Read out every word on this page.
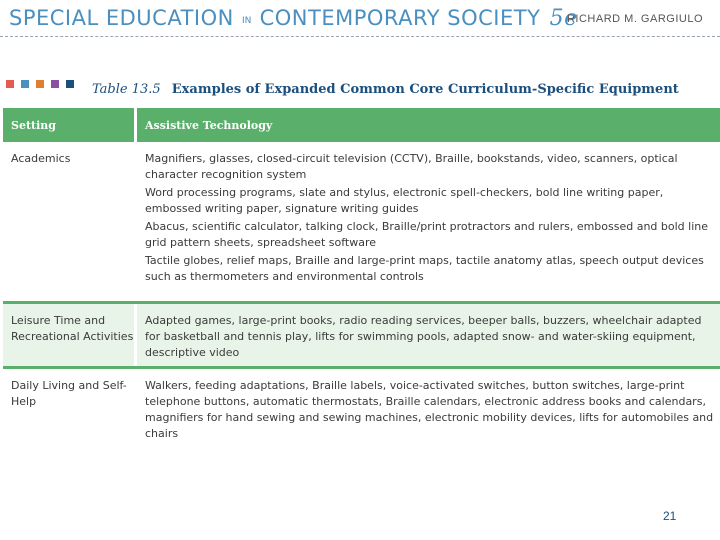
SPECIAL EDUCATION IN CONTEMPORARY SOCIETY 5e
RICHARD M. GARGIULO
Table 13.5 Examples of Expanded Common Core Curriculum-Specific Equipment
Setting	Assistive Technology
Academics	Magnifiers, glasses, closed-circuit television (CCTV), Braille, bookstands, video, scanners, optical character recognition system

Word processing programs, slate and stylus, electronic spell-checkers, bold line writing paper, embossed writing paper, signature writing guides

Abacus, scientific calculator, talking clock, Braille/print protractors and rulers, embossed and bold line grid pattern sheets, spreadsheet software

Tactile globes, relief maps, Braille and large-print maps, tactile anatomy atlas, speech output devices such as thermometers and environmental controls

Leisure Time and Recreational Activities	Adapted games, large-print books, radio reading services, beeper balls, buzzers, wheelchair adapted for basketball and tennis play, lifts for swimming pools, adapted snow- and water-skiing equipment, descriptive video

Daily Living and Self-Help	Walkers, feeding adaptations, Braille labels, voice-activated switches, button switches, large-print telephone buttons, automatic thermostats, Braille calendars, electronic address books and calendars, magnifiers for hand sewing and sewing machines, electronic mobility devices, lifts for automobiles and chairs

21
